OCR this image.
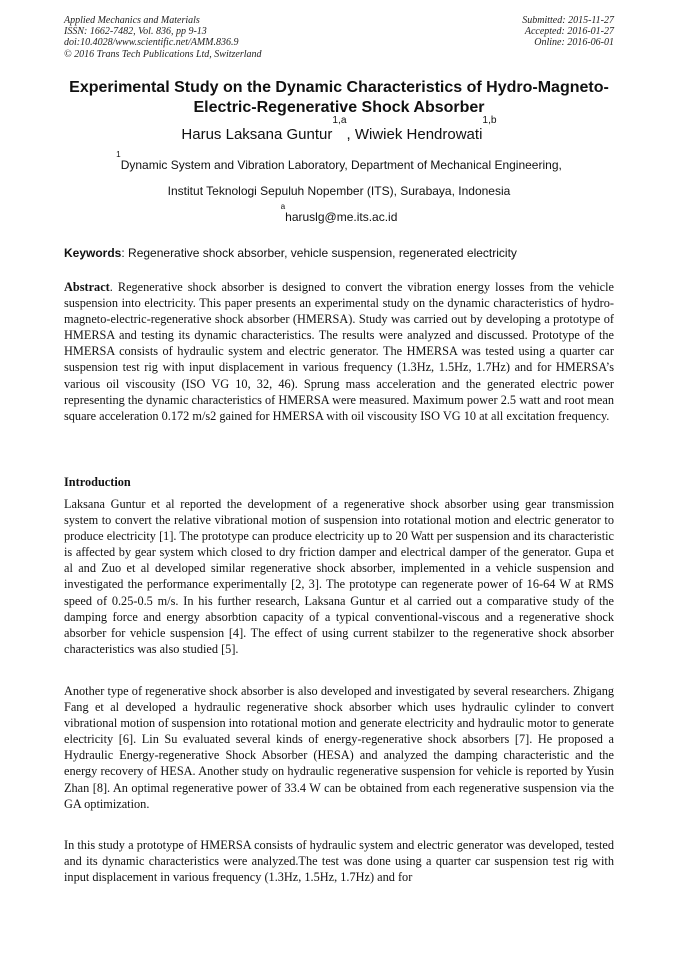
Applied Mechanics and Materials
ISSN: 1662-7482, Vol. 836, pp 9-13
doi:10.4028/www.scientific.net/AMM.836.9
© 2016 Trans Tech Publications Ltd, Switzerland
Submitted: 2015-11-27
Accepted: 2016-01-27
Online: 2016-06-01
Experimental Study on the Dynamic Characteristics of Hydro-Magneto-
Electric-Regenerative Shock Absorber
Harus Laksana Guntur$^{1,a}$, Wiwiek Hendrowati$^{1,b}$
$^1$Dynamic System and Vibration Laboratory, Department of Mechanical Engineering,
Institut Teknologi Sepuluh Nopember (ITS), Surabaya, Indonesia
$^a$haruslg@me.its.ac.id
Keywords: Regenerative shock absorber, vehicle suspension, regenerated electricity

Abstract. Regenerative shock absorber is designed to convert the vibration energy losses from the vehicle suspension into electricity. This paper presents an experimental study on the dynamic characteristics of hydro-magneto-electric-regenerative shock absorber (HMERSA). Study was carried out by developing a prototype of HMERSA and testing its dynamic characteristics. The results were analyzed and discussed. Prototype of the HMERSA consists of hydraulic system and electric generator. The HMERSA was tested using a quarter car suspension test rig with input displacement in various frequency (1.3Hz, 1.5Hz, 1.7Hz) and for HMERSA’s various oil viscousity (ISO VG 10, 32, 46). Sprung mass acceleration and the generated electric power representing the dynamic characteristics of HMERSA were measured. Maximum power 2.5 watt and root mean square acceleration 0.172 m/s2 gained for HMERSA with oil viscousity ISO VG 10 at all excitation frequency.

Introduction

Laksana Guntur et al reported the development of a regenerative shock absorber using gear transmission system to convert the relative vibrational motion of suspension into rotational motion and electric generator to produce electricity [1]. The prototype can produce electricity up to 20 Watt per suspension and its characteristic is affected by gear system which closed to dry friction damper and electrical damper of the generator. Gupa et al and Zuo et al developed similar regenerative shock absorber, implemented in a vehicle suspension and investigated the performance experimentally [2, 3]. The prototype can regenerate power of 16-64 W at RMS speed of 0.25-0.5 m/s. In his further research, Laksana Guntur et al carried out a comparative study of the damping force and energy absorbtion capacity of a typical conventional-viscous and a regenerative shock absorber for vehicle suspension [4]. The effect of using current stabilzer to the regenerative shock absorber characteristics was also studied [5].

Another type of regenerative shock absorber is also developed and investigated by several researchers. Zhigang Fang et al developed a hydraulic regenerative shock absorber which uses hydraulic cylinder to convert vibrational motion of suspension into rotational motion and generate electricity and hydraulic motor to generate electricity [6]. Lin Su evaluated several kinds of energy-regenerative shock absorbers [7]. He proposed a Hydraulic Energy-regenerative Shock Absorber (HESA) and analyzed the damping characteristic and the energy recovery of HESA. Another study on hydraulic regenerative suspension for vehicle is reported by Yusin Zhan [8]. An optimal regenerative power of 33.4 W can be obtained from each regenerative suspension via the GA optimization.

In this study a prototype of HMERSA consists of hydraulic system and electric generator was developed, tested and its dynamic characteristics were analyzed.The test was done using a quarter car suspension test rig with input displacement in various frequency (1.3Hz, 1.5Hz, 1.7Hz) and for
